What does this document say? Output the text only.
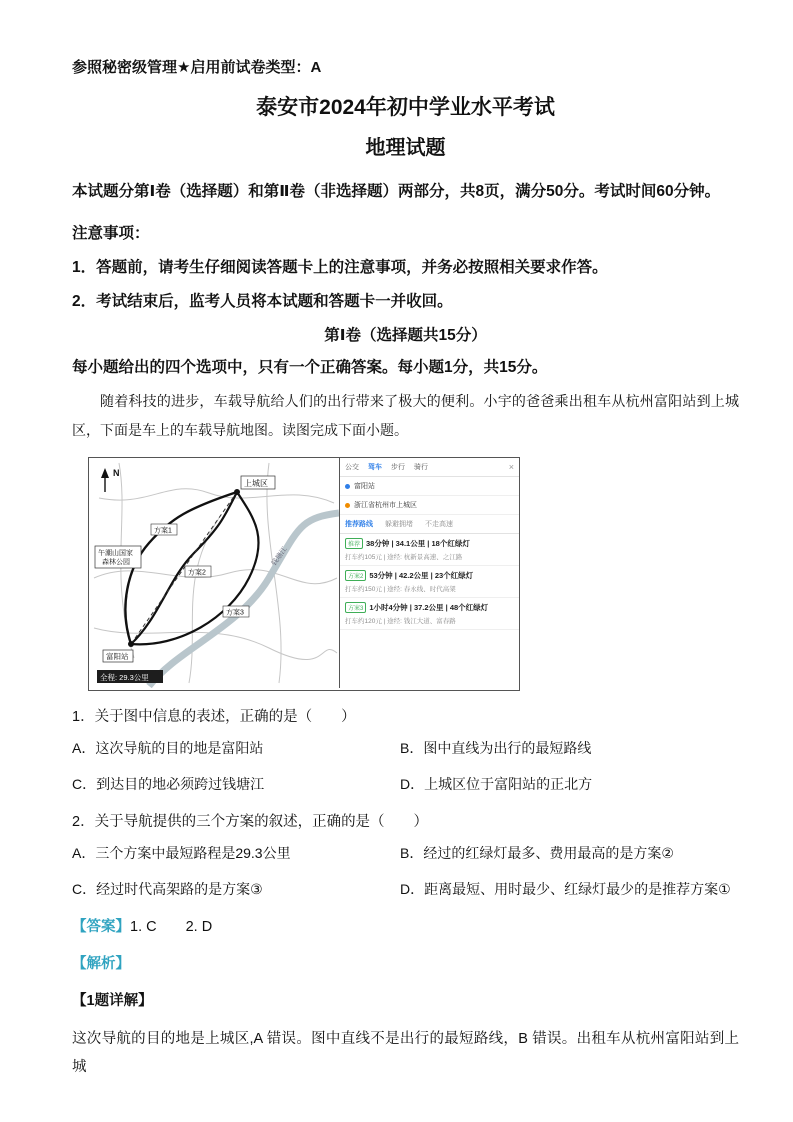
参照秘密级管理★启用前试卷类型：A
泰安市2024年初中学业水平考试
地理试题
本试题分第Ⅰ卷（选择题）和第Ⅱ卷（非选择题）两部分，共8页，满分50分。考试时间60分钟。
注意事项：
1．答题前，请考生仔细阅读答题卡上的注意事项，并务必按照相关要求作答。
2．考试结束后，监考人员将本试题和答题卡一并收回。
第Ⅰ卷（选择题共15分）
每小题给出的四个选项中，只有一个正确答案。每小题1分，共15分。
随着科技的进步，车载导航给人们的出行带来了极大的便利。小宇的爸爸乘出租车从杭州富阳站到上城区，下面是车上的车载导航地图。读图完成下面小题。
钱塘江
N
上城区
午潮山国家
森林公园
富阳站
方案1
方案2
方案3
全程: 29.3公里
公交 驾车 步行 骑行	×
富阳站
浙江省杭州市上城区
推荐路线 躲避拥堵 不走高速
推荐 38分钟 | 34.1公里 | 18个红绿灯
打车约105元 | 途经: 杭新景高速、之江路
方案2 53分钟 | 42.2公里 | 23个红绿灯
打车约150元 | 途经: 春永线、时代高架
方案3 1小时4分钟 | 37.2公里 | 48个红绿灯
打车约120元 | 途经: 钱江大道、富春路
1．关于图中信息的表述，正确的是（　　）
A．这次导航的目的地是富阳站	B．图中直线为出行的最短路线
C．到达目的地必须跨过钱塘江	D．上城区位于富阳站的正北方
2．关于导航提供的三个方案的叙述，正确的是（　　）
A．三个方案中最短路程是29.3公里	B．经过的红绿灯最多、费用最高的是方案②
C．经过时代高架路的是方案③	D．距离最短、用时最少、红绿灯最少的是推荐方案①
【答案】1. C　　2. D
【解析】
【1题详解】
这次导航的目的地是上城区,A 错误。图中直线不是出行的最短路线，B 错误。出租车从杭州富阳站到上城
